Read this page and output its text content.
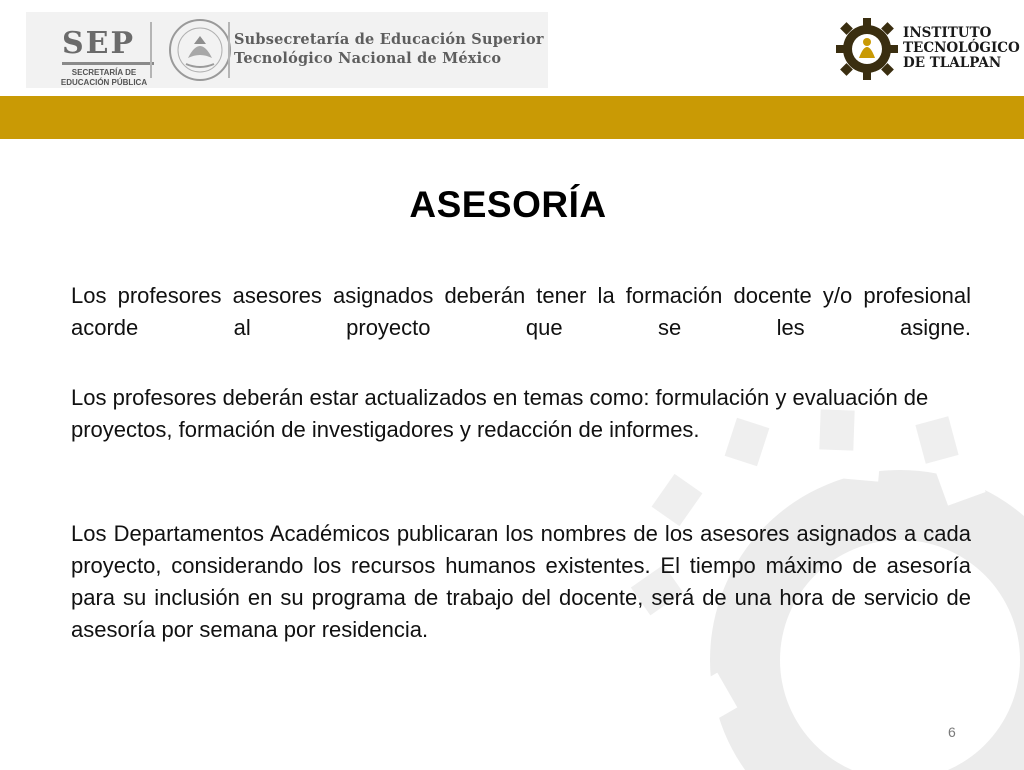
SEP
SECRETARÍA DE
EDUCACIÓN PÚBLICA
Subsecretaría de Educación Superior
Tecnológico Nacional de México
INSTITUTO
TECNOLÓGICO
DE TLALPAN
ASESORÍA
Los profesores asesores asignados deberán tener la formación docente y/o profesional acorde al proyecto que se les asigne.
Los profesores deberán estar actualizados en temas como: formulación y evaluación de proyectos, formación de investigadores y redacción de informes.
Los Departamentos Académicos publicaran los nombres de los asesores asignados a cada proyecto, considerando los recursos humanos existentes. El tiempo máximo de asesoría para su inclusión en su programa de trabajo del docente, será de una hora de servicio de asesoría por semana por residencia.
6
